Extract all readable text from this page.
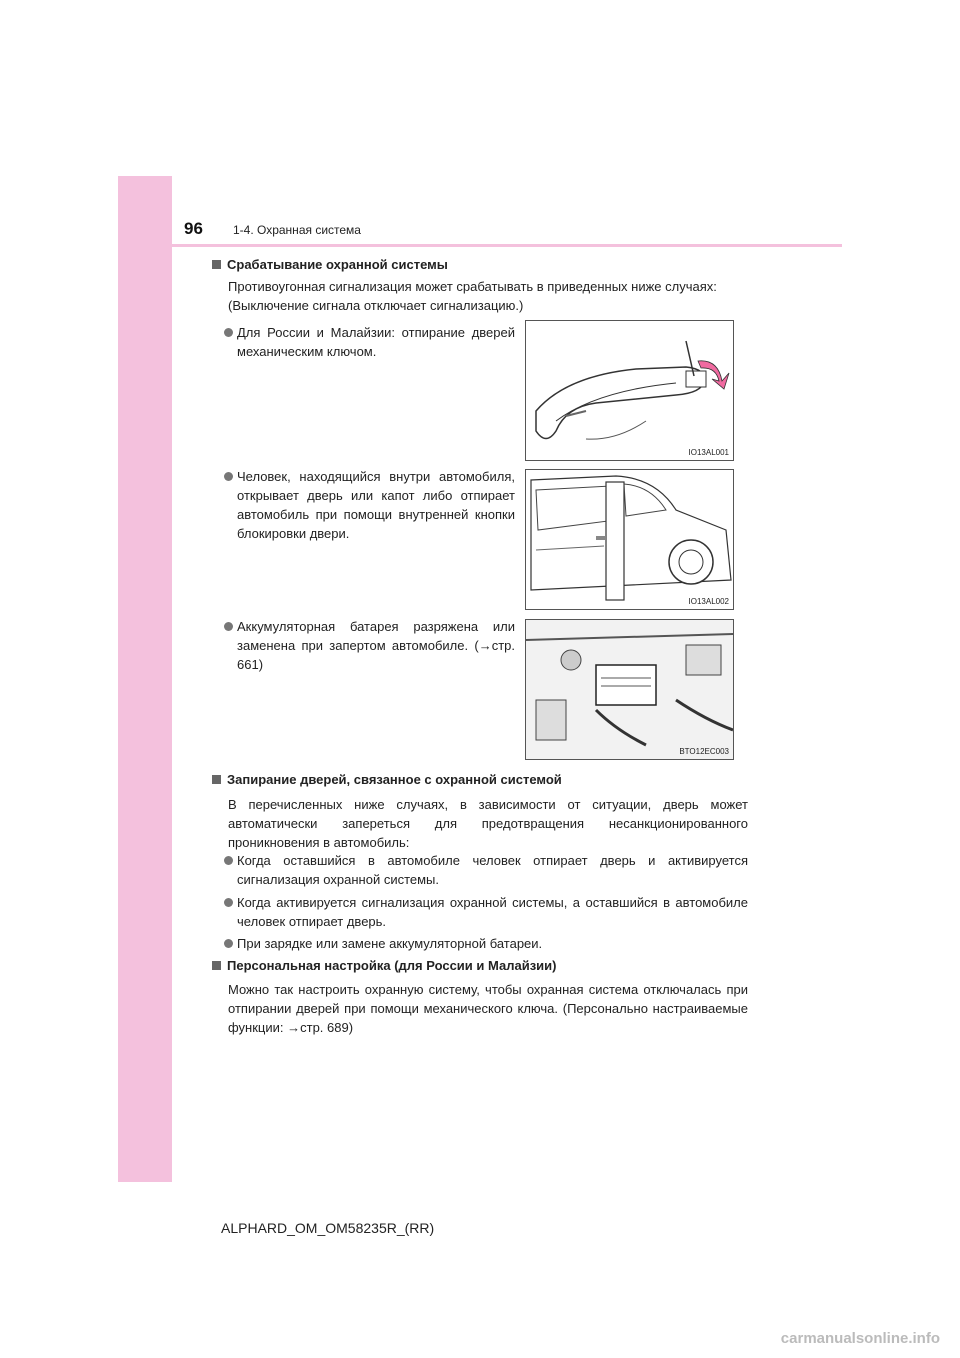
96	1-4. Охранная система
Срабатывание охранной системы
Противоугонная сигнализация может срабатывать в приведенных ниже случаях: (Выключение сигнала отключает сигнализацию.)
Для России и Малайзии: отпирание дверей механическим ключом.
IO13AL001
Человек, находящийся внутри автомобиля, открывает дверь или капот либо отпирает автомобиль при помощи внутренней кнопки блокировки двери.
IO13AL002
Аккумуляторная батарея разряжена или заменена при запертом автомобиле. (→стр. 661)
BTO12EC003
Запирание дверей, связанное с охранной системой
В перечисленных ниже случаях, в зависимости от ситуации, дверь может автоматически запереться для предотвращения несанкционированного проникновения в автомобиль:
Когда оставшийся в автомобиле человек отпирает дверь и активируется сигнализация охранной системы.
Когда активируется сигнализация охранной системы, а оставшийся в автомобиле человек отпирает дверь.
При зарядке или замене аккумуляторной батареи.
Персональная настройка (для России и Малайзии)
Можно так настроить охранную систему, чтобы охранная система отключалась при отпирании дверей при помощи механического ключа. (Персонально настраиваемые функции: →стр. 689)
ALPHARD_OM_OM58235R_(RR)
carmanualsonline.info
